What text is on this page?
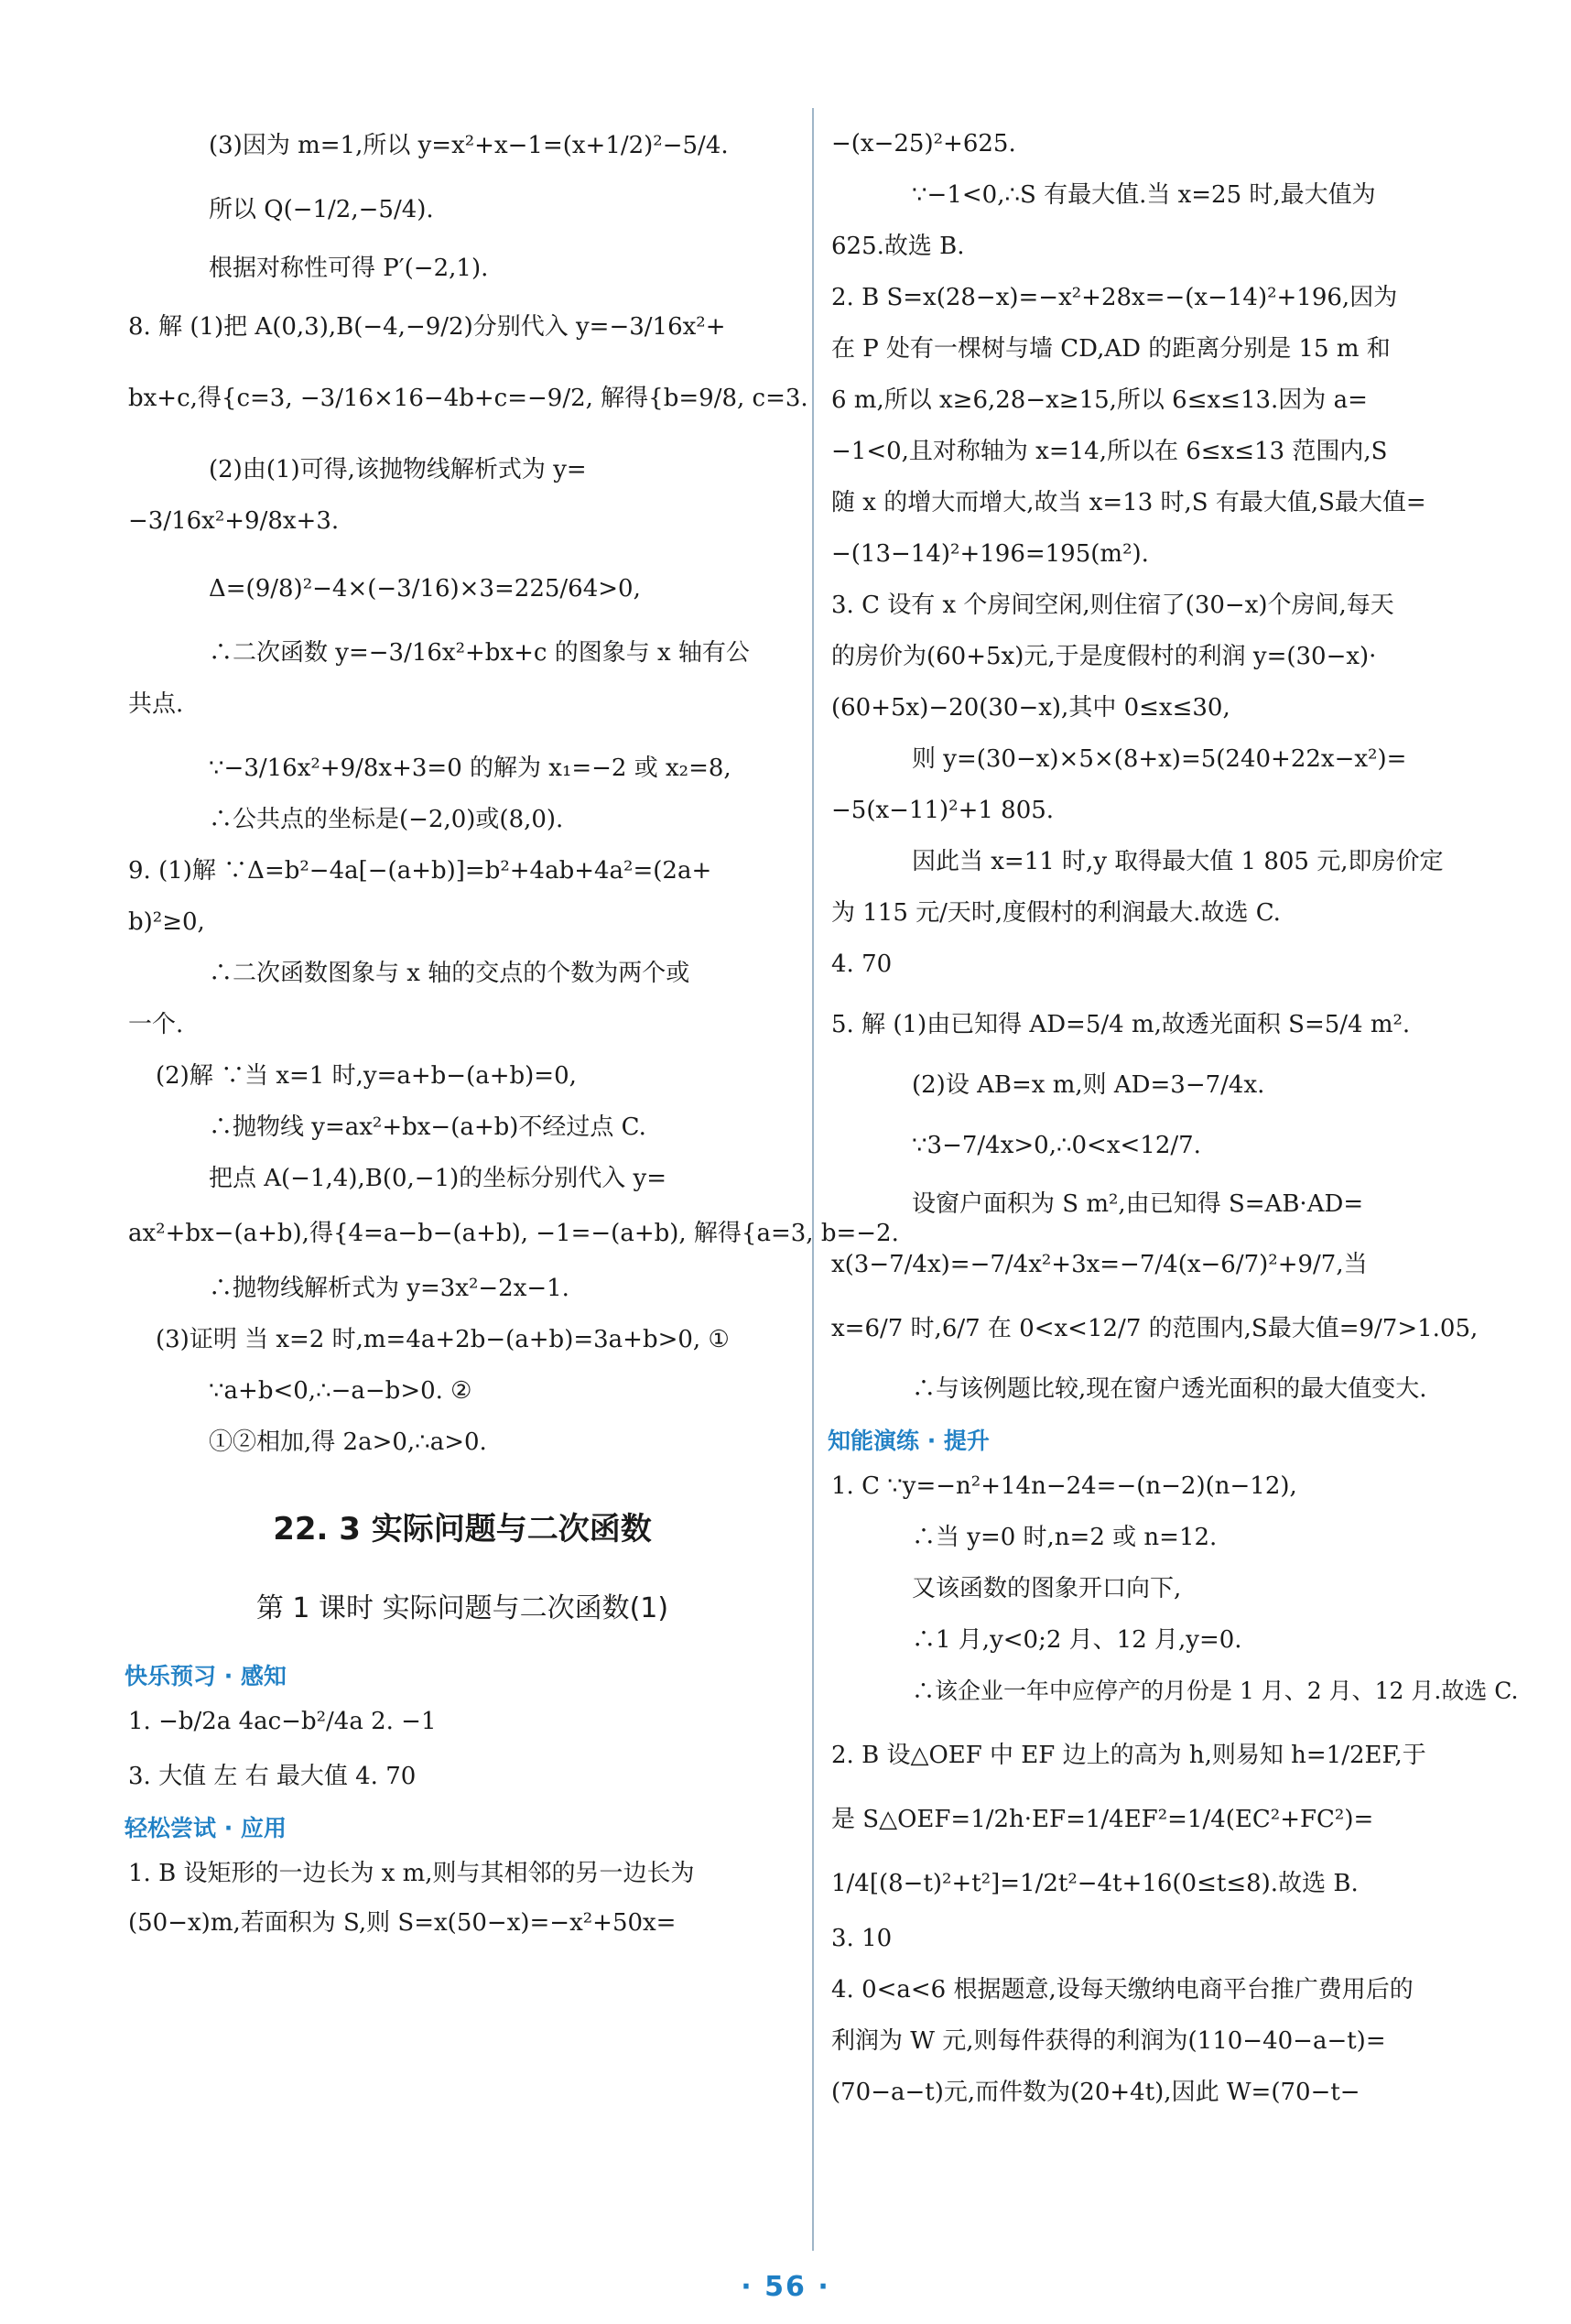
(3)因为 m=1,所以 y=x²+x−1=(x+1/2)²−5/4.

所以 Q(−1/2,−5/4).

根据对称性可得 P′(−2,1).

8. 解 (1)把 A(0,3),B(−4,−9/2)分别代入 y=−3/16x²+

bx+c,得{c=3, −3/16×16−4b+c=−9/2, 解得{b=9/8, c=3.

(2)由(1)可得,该抛物线解析式为 y=

−3/16x²+9/8x+3.

Δ=(9/8)²−4×(−3/16)×3=225/64>0,

∴二次函数 y=−3/16x²+bx+c 的图象与 x 轴有公

共点.

∵−3/16x²+9/8x+3=0 的解为 x₁=−2 或 x₂=8,

∴公共点的坐标是(−2,0)或(8,0).

9. (1)解 ∵Δ=b²−4a[−(a+b)]=b²+4ab+4a²=(2a+

b)²≥0,

∴二次函数图象与 x 轴的交点的个数为两个或

一个.

(2)解 ∵当 x=1 时,y=a+b−(a+b)=0,

∴抛物线 y=ax²+bx−(a+b)不经过点 C.

把点 A(−1,4),B(0,−1)的坐标分别代入 y=

ax²+bx−(a+b),得{4=a−b−(a+b), −1=−(a+b), 解得{a=3, b=−2.

∴抛物线解析式为 y=3x²−2x−1.

(3)证明 当 x=2 时,m=4a+2b−(a+b)=3a+b>0, ①

∵a+b<0,∴−a−b>0. ②

①②相加,得 2a>0,∴a>0.

22. 3 实际问题与二次函数
第 1 课时 实际问题与二次函数(1)
快乐预习 · 感知

1. −b/2a 4ac−b²/4a 2. −1

3. 大值 左 右 最大值 4. 70

轻松尝试 · 应用

1. B 设矩形的一边长为 x m,则与其相邻的另一边长为

(50−x)m,若面积为 S,则 S=x(50−x)=−x²+50x=

−(x−25)²+625.

∵−1<0,∴S 有最大值.当 x=25 时,最大值为

625.故选 B.

2. B S=x(28−x)=−x²+28x=−(x−14)²+196,因为

在 P 处有一棵树与墙 CD,AD 的距离分别是 15 m 和

6 m,所以 x≥6,28−x≥15,所以 6≤x≤13.因为 a=

−1<0,且对称轴为 x=14,所以在 6≤x≤13 范围内,S

随 x 的增大而增大,故当 x=13 时,S 有最大值,S最大值=

−(13−14)²+196=195(m²).

3. C 设有 x 个房间空闲,则住宿了(30−x)个房间,每天

的房价为(60+5x)元,于是度假村的利润 y=(30−x)·

(60+5x)−20(30−x),其中 0≤x≤30,

则 y=(30−x)×5×(8+x)=5(240+22x−x²)=

−5(x−11)²+1 805.

因此当 x=11 时,y 取得最大值 1 805 元,即房价定

为 115 元/天时,度假村的利润最大.故选 C.

4. 70

5. 解 (1)由已知得 AD=5/4 m,故透光面积 S=5/4 m².

(2)设 AB=x m,则 AD=3−7/4x.

∵3−7/4x>0,∴0<x<12/7.

设窗户面积为 S m²,由已知得 S=AB·AD=

x(3−7/4x)=−7/4x²+3x=−7/4(x−6/7)²+9/7,当

x=6/7 时,6/7 在 0<x<12/7 的范围内,S最大值=9/7>1.05,

∴与该例题比较,现在窗户透光面积的最大值变大.

知能演练 · 提升

1. C ∵y=−n²+14n−24=−(n−2)(n−12),

∴当 y=0 时,n=2 或 n=12.

又该函数的图象开口向下,

∴1 月,y<0;2 月、12 月,y=0.

∴该企业一年中应停产的月份是 1 月、2 月、12 月.故选 C.

2. B 设△OEF 中 EF 边上的高为 h,则易知 h=1/2EF,于

是 S△OEF=1/2h·EF=1/4EF²=1/4(EC²+FC²)=

1/4[(8−t)²+t²]=1/2t²−4t+16(0≤t≤8).故选 B.

3. 10

4. 0<a<6 根据题意,设每天缴纳电商平台推广费用后的

利润为 W 元,则每件获得的利润为(110−40−a−t)=

(70−a−t)元,而件数为(20+4t),因此 W=(70−t−

· 56 ·
